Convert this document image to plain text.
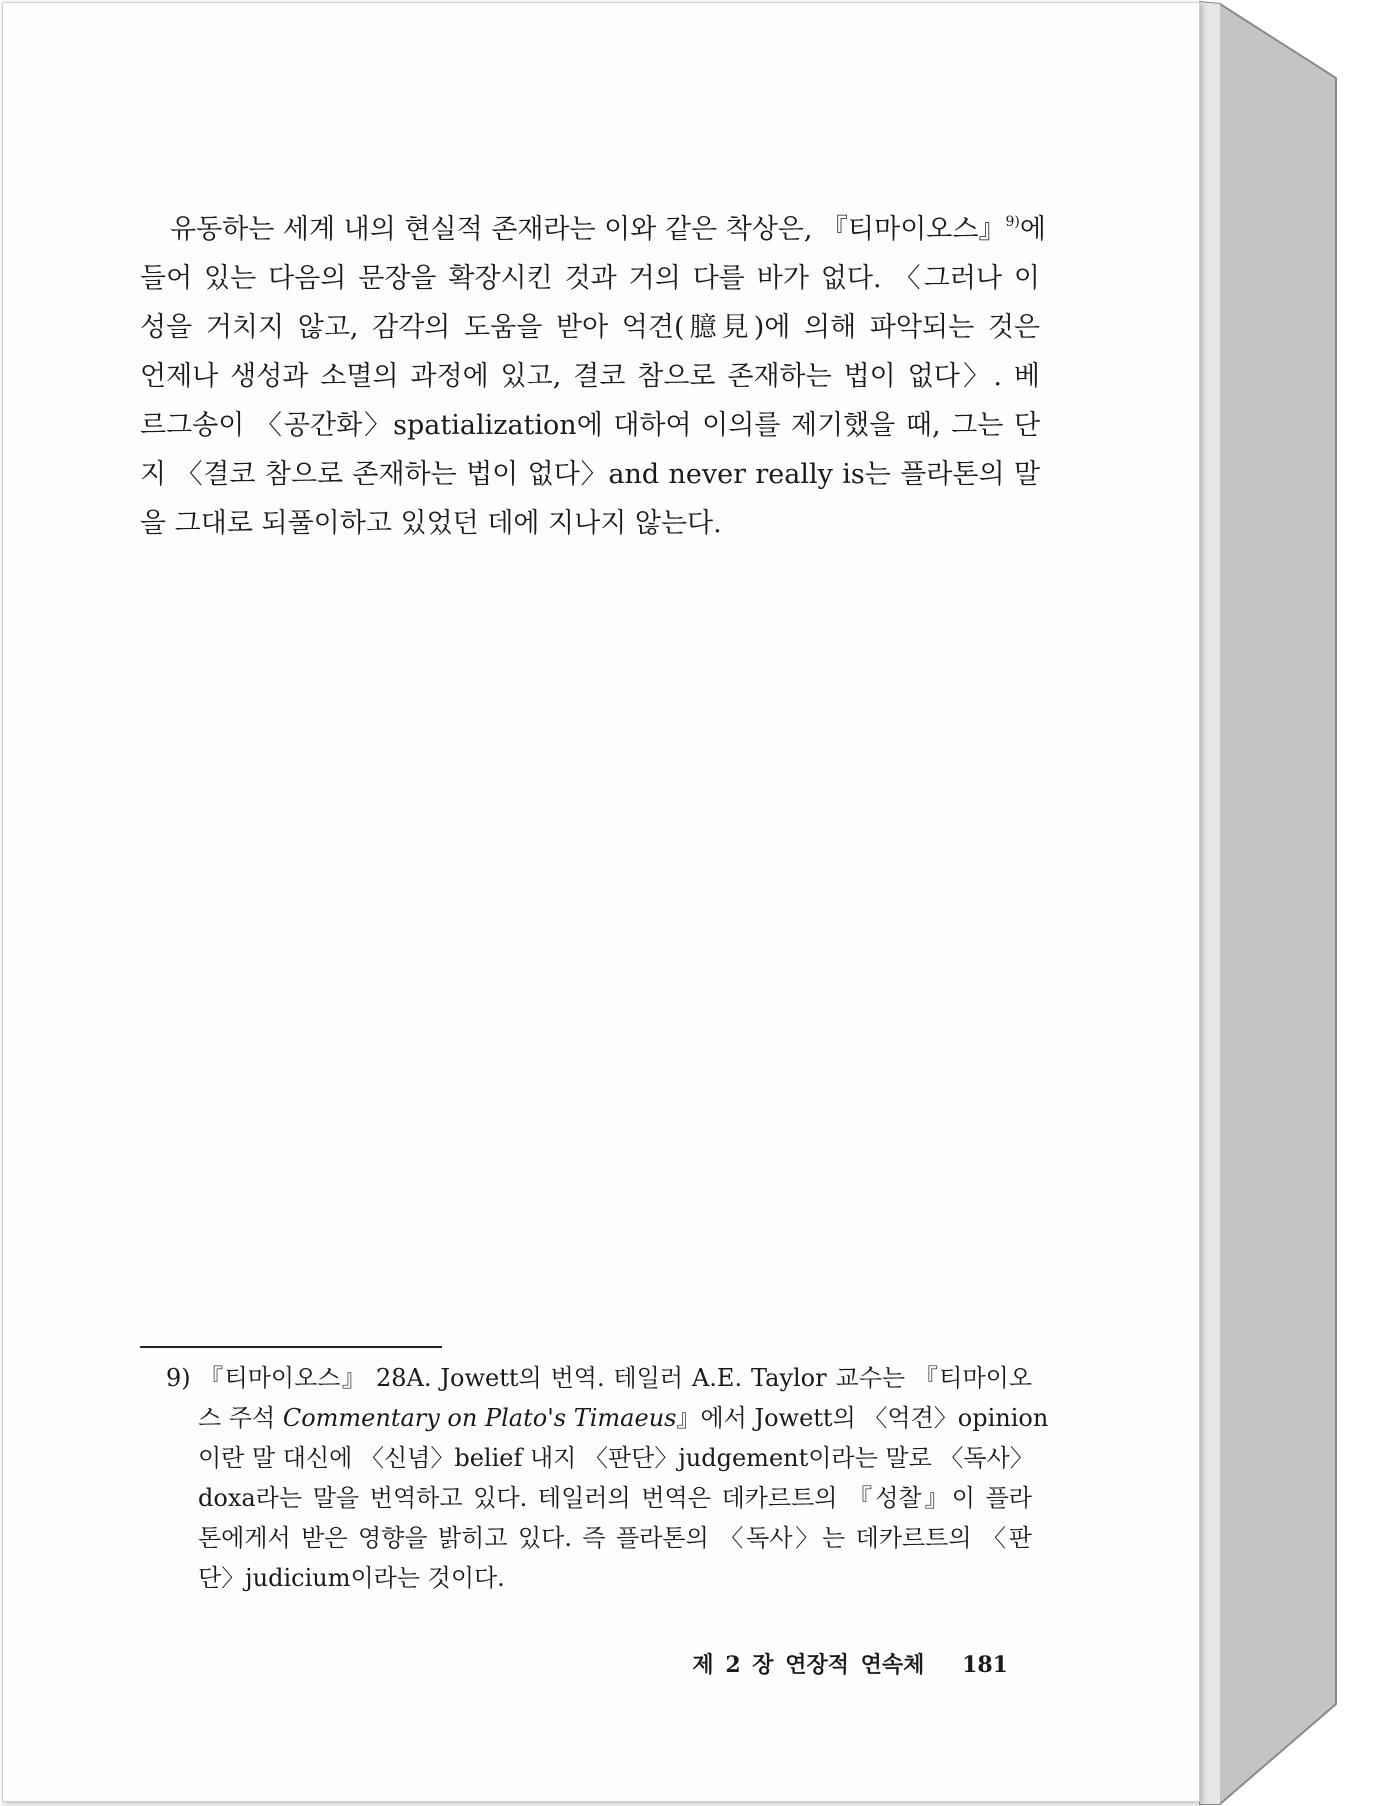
유동하는 세계 내의 현실적 존재라는 이와 같은 착상은, 『티마이오스』$^{9)}$에
들어 있는 다음의 문장을 확장시킨 것과 거의 다를 바가 없다. 〈그러나 이
성을 거치지 않고, 감각의 도움을 받아 억견(臆見)에 의해 파악되는 것은
언제나 생성과 소멸의 과정에 있고, 결코 참으로 존재하는 법이 없다〉. 베
르그송이 〈공간화〉spatialization에 대하여 이의를 제기했을 때, 그는 단
지 〈결코 참으로 존재하는 법이 없다〉and never really is는 플라톤의 말
을 그대로 되풀이하고 있었던 데에 지나지 않는다.
9) 『티마이오스』 28A. Jowett의 번역. 테일러 A.E. Taylor 교수는 『티마이오
스 주석 Commentary on Plato's Timaeus』에서 Jowett의 〈억견〉opinion
이란 말 대신에 〈신념〉belief 내지 〈판단〉judgement이라는 말로 〈독사〉
doxa라는 말을 번역하고 있다. 테일러의 번역은 데카르트의 『성찰』이 플라
톤에게서 받은 영향을 밝히고 있다. 즉 플라톤의 〈독사〉는 데카르트의 〈판
단〉judicium이라는 것이다.
제 2 장 연장적 연속체 181
